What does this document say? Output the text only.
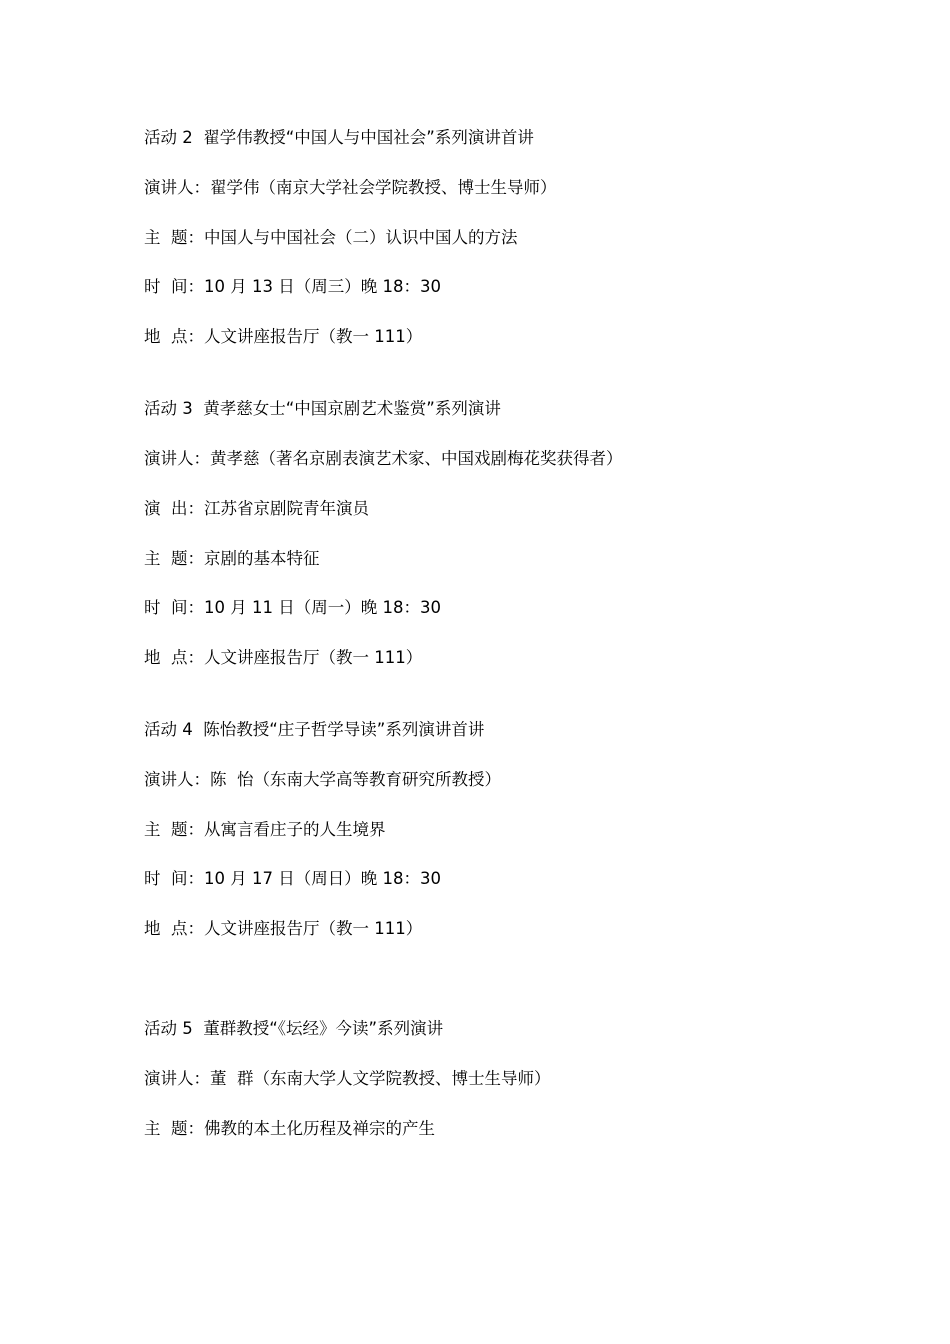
活动 2  翟学伟教授“中国人与中国社会”系列演讲首讲
演讲人：翟学伟（南京大学社会学院教授、博士生导师）
主  题：中国人与中国社会（二）认识中国人的方法
时  间：10 月 13 日（周三）晚 18：30
地  点：人文讲座报告厅（教一 111）
活动 3  黄孝慈女士“中国京剧艺术鉴赏”系列演讲
演讲人：黄孝慈（著名京剧表演艺术家、中国戏剧梅花奖获得者）
演  出：江苏省京剧院青年演员
主  题：京剧的基本特征
时  间：10 月 11 日（周一）晚 18：30
地  点：人文讲座报告厅（教一 111）
活动 4  陈怡教授“庄子哲学导读”系列演讲首讲
演讲人：陈  怡（东南大学高等教育研究所教授）
主  题：从寓言看庄子的人生境界
时  间：10 月 17 日（周日）晚 18：30
地  点：人文讲座报告厅（教一 111）
活动 5  董群教授“《坛经》今读”系列演讲
演讲人：董  群（东南大学人文学院教授、博士生导师）
主  题：佛教的本土化历程及禅宗的产生
